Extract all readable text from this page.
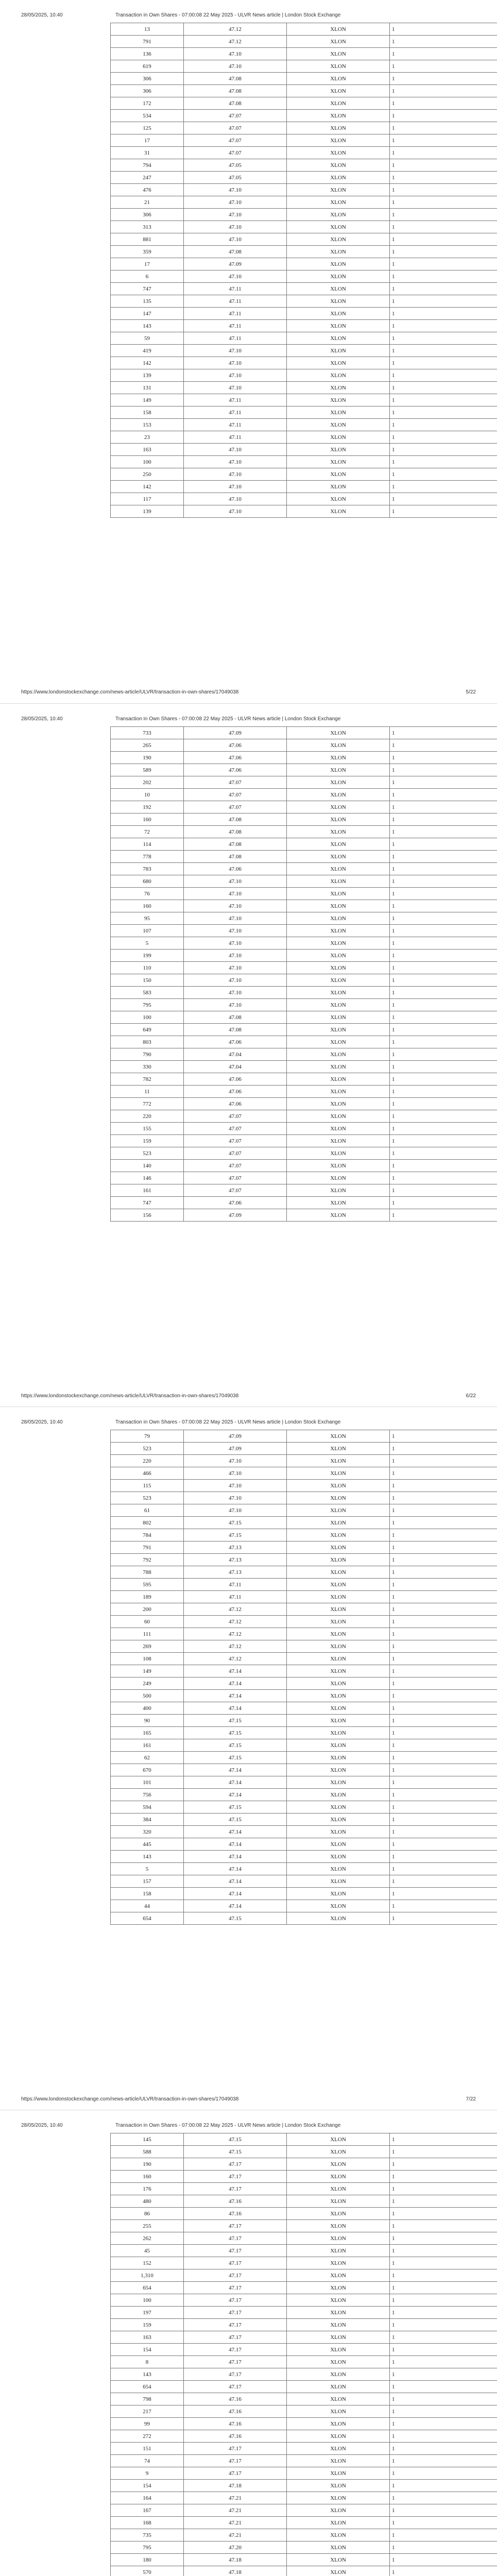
28/05/2025, 10:40	Transaction in Own Shares - 07:00:08 22 May 2025 - ULVR News article | London Stock Exchange
13	47.12	XLON	1
791	47.12	XLON	1
136	47.10	XLON	1
619	47.10	XLON	1
306	47.08	XLON	1
306	47.08	XLON	1
172	47.08	XLON	1
534	47.07	XLON	1
125	47.07	XLON	1
17	47.07	XLON	1
31	47.07	XLON	1
794	47.05	XLON	1
247	47.05	XLON	1
476	47.10	XLON	1
21	47.10	XLON	1
306	47.10	XLON	1
313	47.10	XLON	1
881	47.10	XLON	1
359	47.08	XLON	1
17	47.09	XLON	1
6	47.10	XLON	1
747	47.11	XLON	1
135	47.11	XLON	1
147	47.11	XLON	1
143	47.11	XLON	1
59	47.11	XLON	1
419	47.10	XLON	1
142	47.10	XLON	1
139	47.10	XLON	1
131	47.10	XLON	1
149	47.11	XLON	1
158	47.11	XLON	1
153	47.11	XLON	1
23	47.11	XLON	1
163	47.10	XLON	1
100	47.10	XLON	1
250	47.10	XLON	1
142	47.10	XLON	1
117	47.10	XLON	1
139	47.10	XLON	1
https://www.londonstockexchange.com/news-article/ULVR/transaction-in-own-shares/17049038	5/22
28/05/2025, 10:40	Transaction in Own Shares - 07:00:08 22 May 2025 - ULVR News article | London Stock Exchange
733	47.09	XLON	1
265	47.06	XLON	1
190	47.06	XLON	1
589	47.06	XLON	1
202	47.07	XLON	1
10	47.07	XLON	1
192	47.07	XLON	1
160	47.08	XLON	1
72	47.08	XLON	1
114	47.08	XLON	1
778	47.08	XLON	1
783	47.06	XLON	1
680	47.10	XLON	1
76	47.10	XLON	1
160	47.10	XLON	1
95	47.10	XLON	1
107	47.10	XLON	1
5	47.10	XLON	1
199	47.10	XLON	1
110	47.10	XLON	1
150	47.10	XLON	1
583	47.10	XLON	1
795	47.10	XLON	1
100	47.08	XLON	1
649	47.08	XLON	1
803	47.06	XLON	1
790	47.04	XLON	1
330	47.04	XLON	1
782	47.06	XLON	1
11	47.06	XLON	1
772	47.06	XLON	1
220	47.07	XLON	1
155	47.07	XLON	1
159	47.07	XLON	1
523	47.07	XLON	1
140	47.07	XLON	1
146	47.07	XLON	1
161	47.07	XLON	1
747	47.06	XLON	1
156	47.09	XLON	1
https://www.londonstockexchange.com/news-article/ULVR/transaction-in-own-shares/17049038	6/22
28/05/2025, 10:40	Transaction in Own Shares - 07:00:08 22 May 2025 - ULVR News article | London Stock Exchange
79	47.09	XLON	1
523	47.09	XLON	1
220	47.10	XLON	1
466	47.10	XLON	1
115	47.10	XLON	1
523	47.10	XLON	1
61	47.10	XLON	1
802	47.15	XLON	1
784	47.15	XLON	1
791	47.13	XLON	1
792	47.13	XLON	1
788	47.13	XLON	1
595	47.11	XLON	1
189	47.11	XLON	1
200	47.12	XLON	1
60	47.12	XLON	1
111	47.12	XLON	1
269	47.12	XLON	1
108	47.12	XLON	1
149	47.14	XLON	1
249	47.14	XLON	1
500	47.14	XLON	1
400	47.14	XLON	1
90	47.15	XLON	1
165	47.15	XLON	1
161	47.15	XLON	1
62	47.15	XLON	1
670	47.14	XLON	1
101	47.14	XLON	1
756	47.14	XLON	1
594	47.15	XLON	1
384	47.15	XLON	1
320	47.14	XLON	1
445	47.14	XLON	1
143	47.14	XLON	1
5	47.14	XLON	1
157	47.14	XLON	1
158	47.14	XLON	1
44	47.14	XLON	1
654	47.15	XLON	1
https://www.londonstockexchange.com/news-article/ULVR/transaction-in-own-shares/17049038	7/22
28/05/2025, 10:40	Transaction in Own Shares - 07:00:08 22 May 2025 - ULVR News article | London Stock Exchange
145	47.15	XLON	1
588	47.15	XLON	1
190	47.17	XLON	1
160	47.17	XLON	1
176	47.17	XLON	1
480	47.16	XLON	1
86	47.16	XLON	1
255	47.17	XLON	1
262	47.17	XLON	1
45	47.17	XLON	1
152	47.17	XLON	1
1,310	47.17	XLON	1
654	47.17	XLON	1
100	47.17	XLON	1
197	47.17	XLON	1
159	47.17	XLON	1
163	47.17	XLON	1
154	47.17	XLON	1
8	47.17	XLON	1
143	47.17	XLON	1
654	47.17	XLON	1
798	47.16	XLON	1
217	47.16	XLON	1
99	47.16	XLON	1
272	47.16	XLON	1
151	47.17	XLON	1
74	47.17	XLON	1
9	47.17	XLON	1
154	47.18	XLON	1
164	47.21	XLON	1
167	47.21	XLON	1
168	47.21	XLON	1
735	47.21	XLON	1
795	47.20	XLON	1
180	47.18	XLON	1
570	47.18	XLON	1
